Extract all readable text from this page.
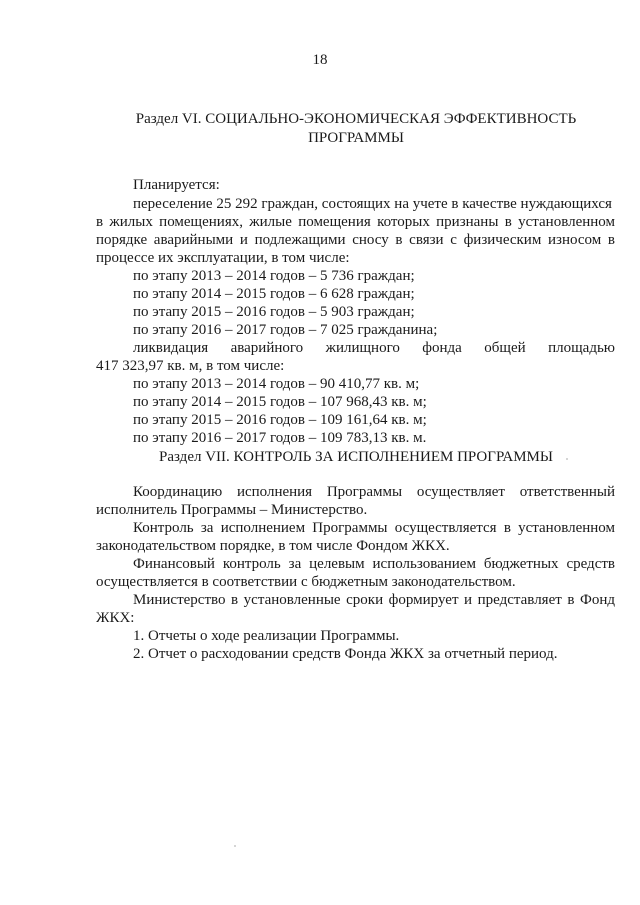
18
Раздел VI. СОЦИАЛЬНО-ЭКОНОМИЧЕСКАЯ ЭФФЕКТИВНОСТЬ
ПРОГРАММЫ
Планируется:
переселение 25 292 граждан, состоящих на учете в качестве нуждающихся
в жилых помещениях, жилые помещения которых признаны в установленном
порядке аварийными и подлежащими сносу в связи с физическим износом в
процессе их эксплуатации, в том числе:
по этапу 2013 – 2014 годов – 5 736 граждан;
по этапу 2014 – 2015 годов – 6 628 граждан;
по этапу 2015 – 2016 годов – 5 903 граждан;
по этапу 2016 – 2017 годов – 7 025 гражданина;
ликвидация аварийного жилищного фонда общей площадью
417 323,97 кв. м, в том числе:
по этапу 2013 – 2014 годов – 90 410,77 кв. м;
по этапу 2014 – 2015 годов – 107 968,43 кв. м;
по этапу 2015 – 2016 годов – 109 161,64 кв. м;
по этапу 2016 – 2017 годов – 109 783,13 кв. м.
Раздел VII. КОНТРОЛЬ ЗА ИСПОЛНЕНИЕМ ПРОГРАММЫ
Координацию исполнения Программы осуществляет ответственный
исполнитель Программы – Министерство.
Контроль за исполнением Программы осуществляется в установленном
законодательством порядке, в том числе Фондом ЖКХ.
Финансовый контроль за целевым использованием бюджетных средств
осуществляется в соответствии с бюджетным законодательством.
Министерство в установленные сроки формирует и представляет в Фонд
ЖКХ:
1. Отчеты о ходе реализации Программы.
2. Отчет о расходовании средств Фонда ЖКХ за отчетный период.
